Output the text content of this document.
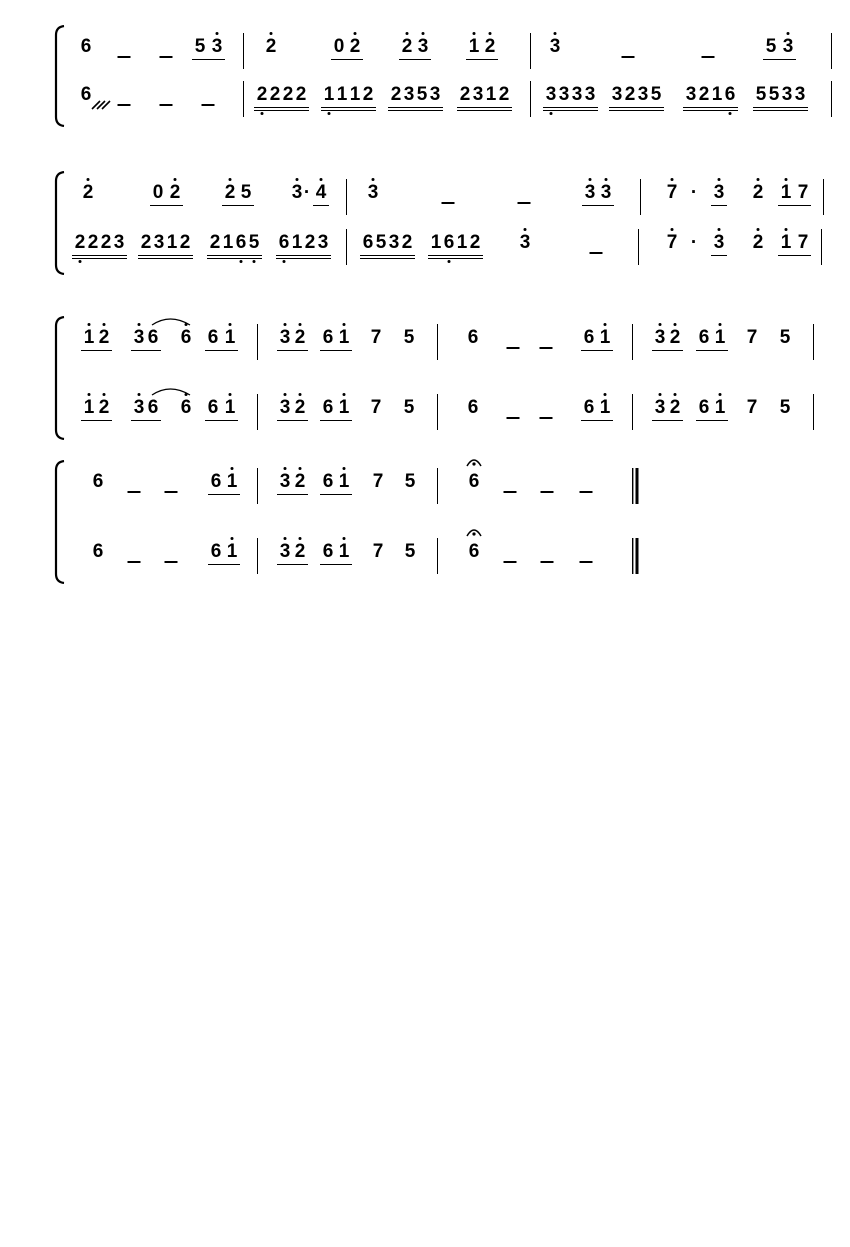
6	5 3 2	0 2 2 3 1 2	3	5 3
6	2 2 2 2 1 1 1 2 2 3 5 3 2 3 1 2 3 3 3 3 3 2 3 5 3 2 1 6 5 5 3 3
2	0 2 2 5 3 · 4 3	3 3	7 · 3 2 1 7
2 2 2 3 2 3 1 2 2 1 6 5 6 1 2 3 6 5 3 2 1 6 1 2 3	7 · 3 2 1 7
1 2 3 6 6 6 1 3 2 6 1 7 5	6	6 1 3 2 6 1 7 5
1 2 3 6 6 6 1 3 2 6 1 7 5	6	6 1 3 2 6 1 7 5
6	6 1 3 2 6 1 7 5	6
6	6 1 3 2 6 1 7 5	6
